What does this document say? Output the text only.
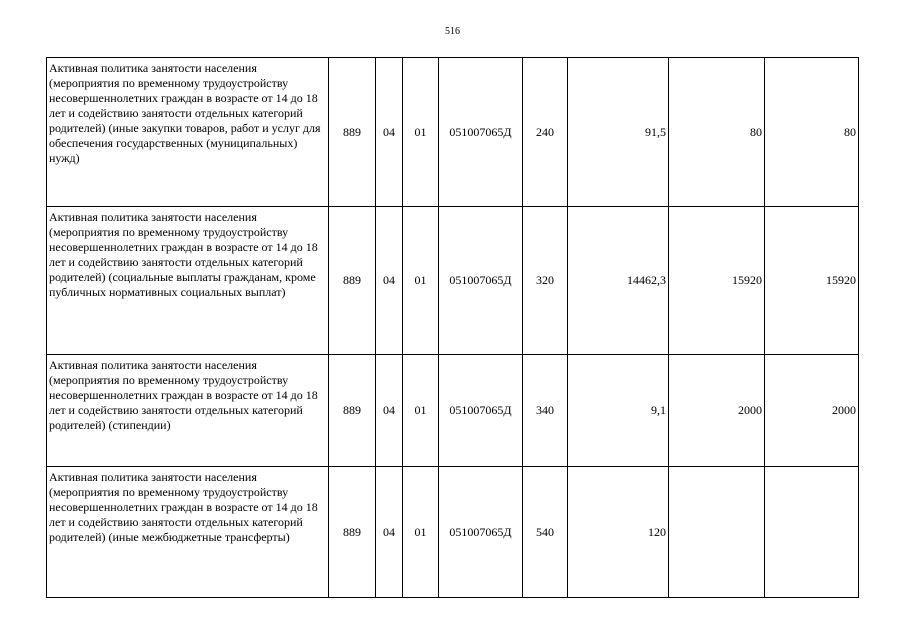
516
Активная политика занятости населения (мероприятия по временному трудоустройству несовершеннолетних граждан в возрасте от 14 до 18 лет и содействию занятости отдельных категорий родителей) (иные закупки товаров, работ и услуг для обеспечения государственных (муниципальных) нужд)	889	04	01	051007065Д	240	91,5	80	80
Активная политика занятости населения (мероприятия по временному трудоустройству несовершеннолетних граждан в возрасте от 14 до 18 лет и содействию занятости отдельных категорий родителей) (социальные выплаты гражданам, кроме публичных нормативных социальных выплат)	889	04	01	051007065Д	320	14462,3	15920	15920
Активная политика занятости населения (мероприятия по временному трудоустройству несовершеннолетних граждан в возрасте от 14 до 18 лет и содействию занятости отдельных категорий родителей) (стипендии)	889	04	01	051007065Д	340	9,1	2000	2000
Активная политика занятости населения (мероприятия по временному трудоустройству несовершеннолетних граждан в возрасте от 14 до 18 лет и содействию занятости отдельных категорий родителей) (иные межбюджетные трансферты)	889	04	01	051007065Д	540	120		
